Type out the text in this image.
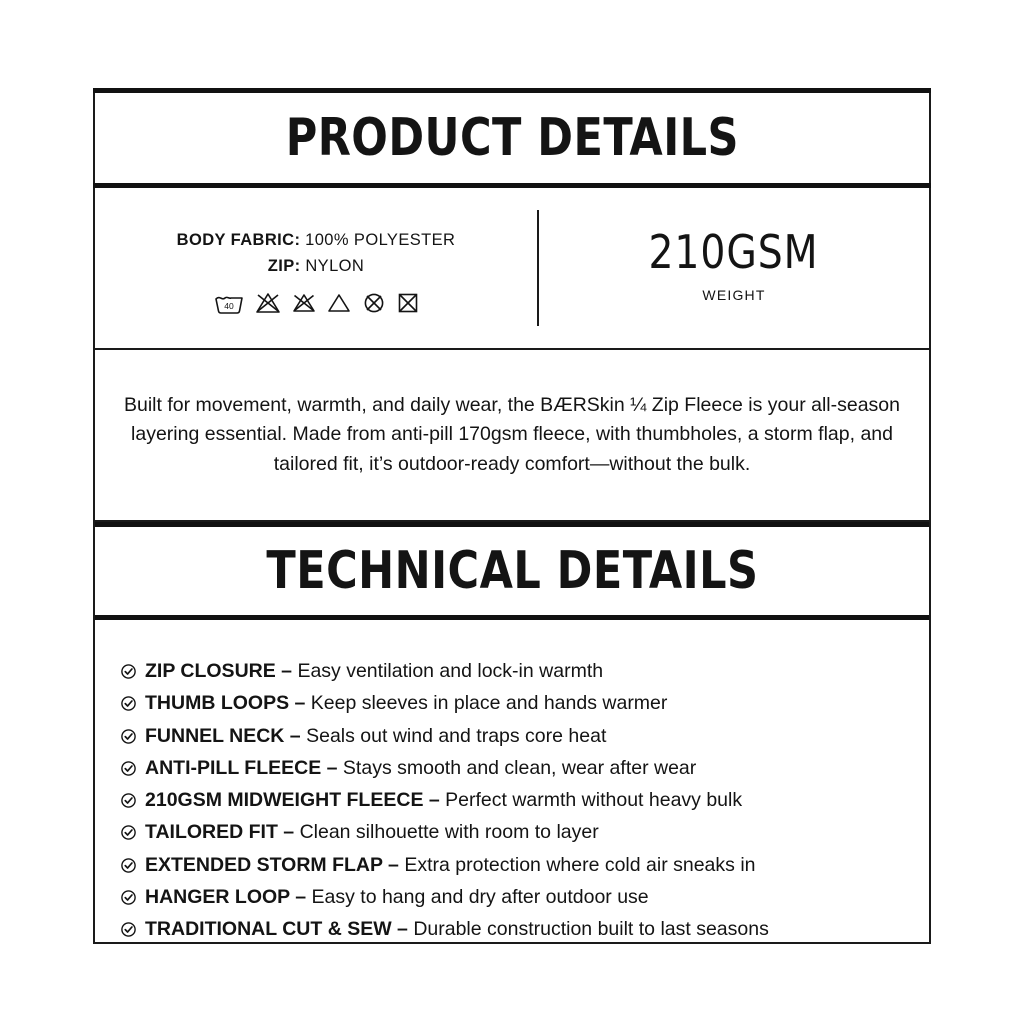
PRODUCT DETAILS
BODY FABRIC: 100% POLYESTER
ZIP: NYLON
40
210GSM
WEIGHT

Built for movement, warmth, and daily wear, the BÆRSkin ¼ Zip Fleece is your all-season layering essential. Made from anti-pill 170gsm fleece, with thumbholes, a storm flap, and tailored fit, it’s outdoor-ready comfort—without the bulk.

TECHNICAL DETAILS
ZIP CLOSURE – Easy ventilation and lock-in warmth
THUMB LOOPS – Keep sleeves in place and hands warmer
FUNNEL NECK – Seals out wind and traps core heat
ANTI-PILL FLEECE – Stays smooth and clean, wear after wear
210GSM MIDWEIGHT FLEECE – Perfect warmth without heavy bulk
TAILORED FIT – Clean silhouette with room to layer
EXTENDED STORM FLAP – Extra protection where cold air sneaks in
HANGER LOOP – Easy to hang and dry after outdoor use
TRADITIONAL CUT & SEW – Durable construction built to last seasons
